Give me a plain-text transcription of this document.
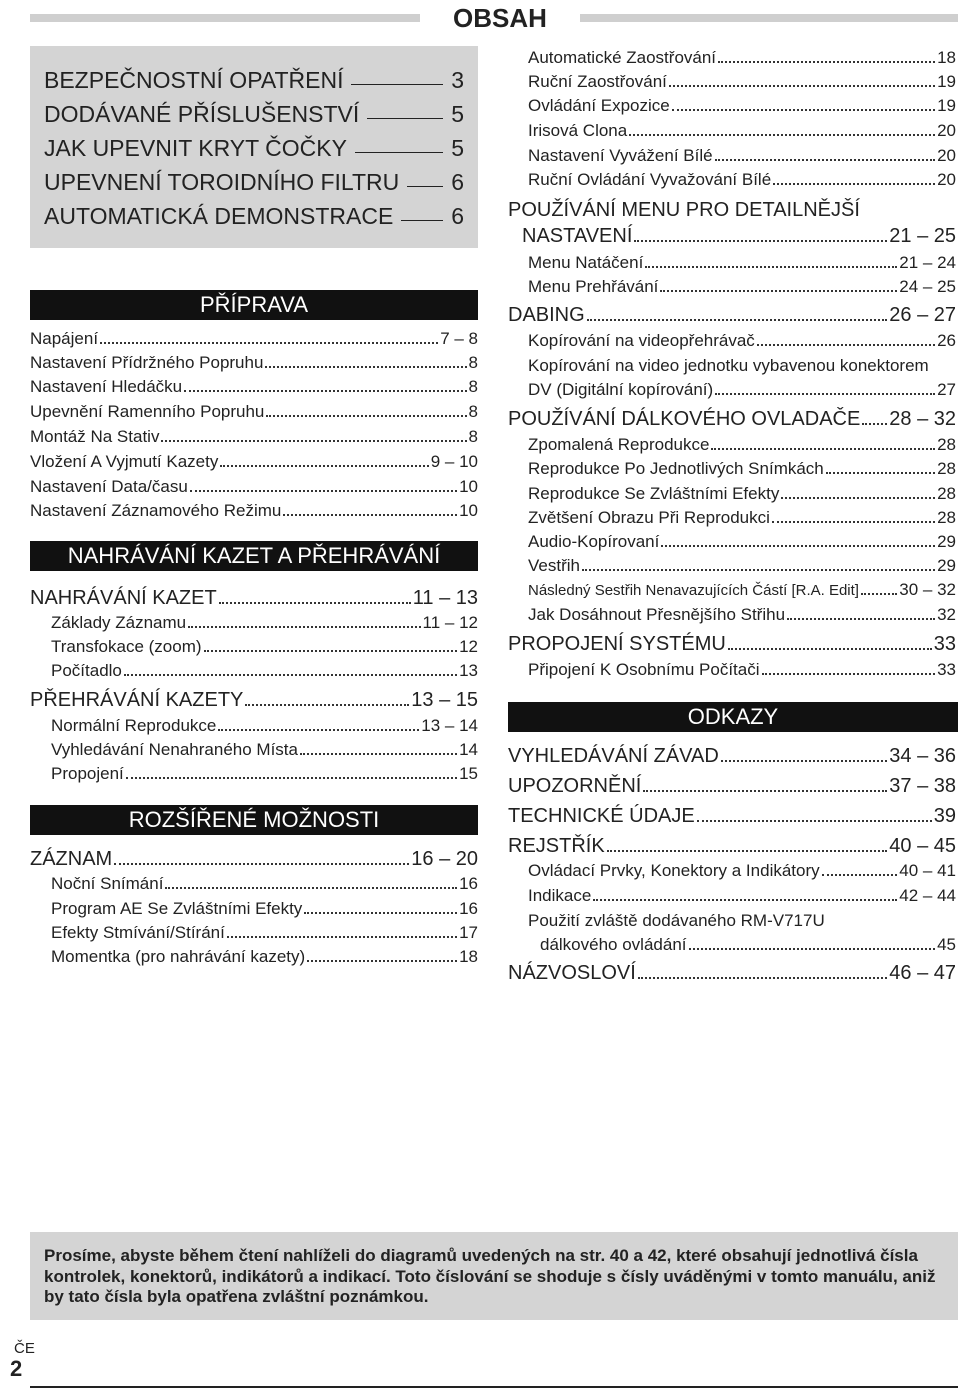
OBSAH
BEZPEČNOSTNÍ OPATŘENÍ	3
DODÁVANÉ PŘÍSLUŠENSTVÍ	5
JAK UPEVNIT KRYT ČOČKY	5
UPEVNENÍ TOROIDNÍHO FILTRU 6
AUTOMATICKÁ DEMONSTRACE	6
PŘÍPRAVA
Napájení	7 – 8
Nastavení Přídržného Popruhu	8
Nastavení Hledáčku	8
Upevnění Ramenního Popruhu	8
Montáž Na Stativ	8
Vložení A Vyjmutí Kazety	9 – 10
Nastavení Data/času	10
Nastavení Záznamového Režimu	10
NAHRÁVÁNÍ KAZET A PŘEHRÁVÁNÍ
NAHRÁVÁNÍ KAZET	11 – 13
Základy Záznamu	11 – 12
Transfokace (zoom)	12
Počítadlo	13
PŘEHRÁVÁNÍ KAZETY	13 – 15
Normální Reprodukce	13 – 14
Vyhledávání Nenahraného Místa	14
Propojení	15
ROZŠÍŘENÉ MOŽNOSTI
ZÁZNAM	16 – 20
Noční Snímání	16
Program AE Se Zvláštními Efekty	16
Efekty Stmívání/Stírání	17
Momentka (pro nahrávání kazety)	18
Automatické Zaostřování	18
Ruční Zaostřování	19
Ovládání Expozice	19
Irisová Clona	20
Nastavení Vyvážení Bílé	20
Ruční Ovládání Vyvažování Bílé	20
POUŽÍVÁNÍ MENU PRO DETAILNĚJŠÍ
NASTAVENÍ	21 – 25
Menu Natáčení	21 – 24
Menu Prehřávání	24 – 25
DABING	26 – 27
Kopírování na videopřehrávač	26
Kopírování na video jednotku vybavenou konektorem
DV (Digitální kopírování)	27
POUŽÍVÁNÍ DÁLKOVÉHO OVLADAČE 28 – 32
Zpomalená Reprodukce	28
Reprodukce Po Jednotlivých Snímkách	28
Reprodukce Se Zvláštními Efekty	28
Zvětšení Obrazu Při Reprodukci	28
Audio-Kopírovaní	29
Vestřih	29
Následný Sestřih Nenavazujících Částí [R.A. Edit] 30 – 32
Jak Dosáhnout Přesnějšího Střihu	32
PROPOJENÍ SYSTÉMU	33
Připojení K Osobnímu Počítači	33
ODKAZY
VYHLEDÁVÁNÍ ZÁVAD	34 – 36
UPOZORNĚNÍ	37 – 38
TECHNICKÉ ÚDAJE	39
REJSTŘÍK	40 – 45
Ovládací Prvky, Konektory a Indikátory	40 – 41
Indikace	42 – 44
Použití zvláště dodávaného RM-V717U
dálkového ovládání	45
NÁZVOSLOVÍ	46 – 47
Prosíme, abyste během čtení nahlíželi do diagramů uvedených na str. 40 a 42, které obsahují jednotlivá čísla kontrolek, konektorů, indikátorů a indikací. Toto číslování se shoduje s čísly uváděnými v tomto manuálu, aniž by tato čísla byla opatřena zvláštní poznámkou.
ČE
2
